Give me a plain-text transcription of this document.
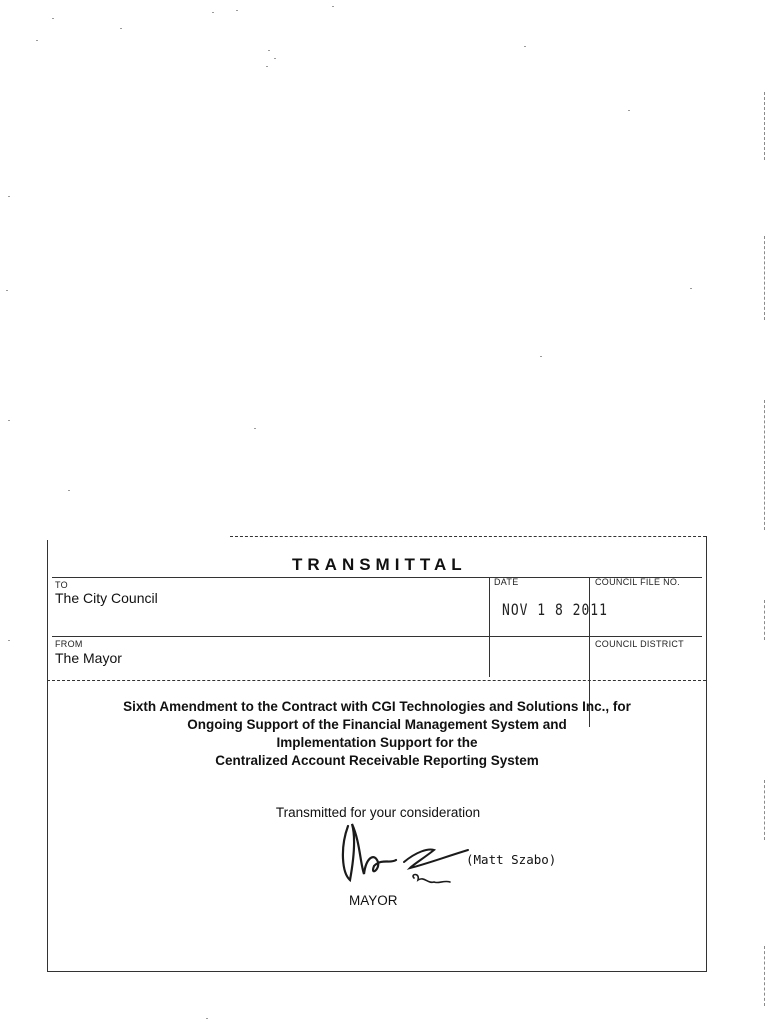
TRANSMITTAL
TO
The City Council
DATE
NOV 1 8 2011
COUNCIL FILE NO.
FROM
The Mayor
COUNCIL DISTRICT
Sixth Amendment to the Contract with CGI Technologies and Solutions Inc., for
Ongoing Support of the Financial Management System and
Implementation Support for the
Centralized Account Receivable Reporting System
Transmitted for your consideration
(Matt Szabo)
MAYOR
